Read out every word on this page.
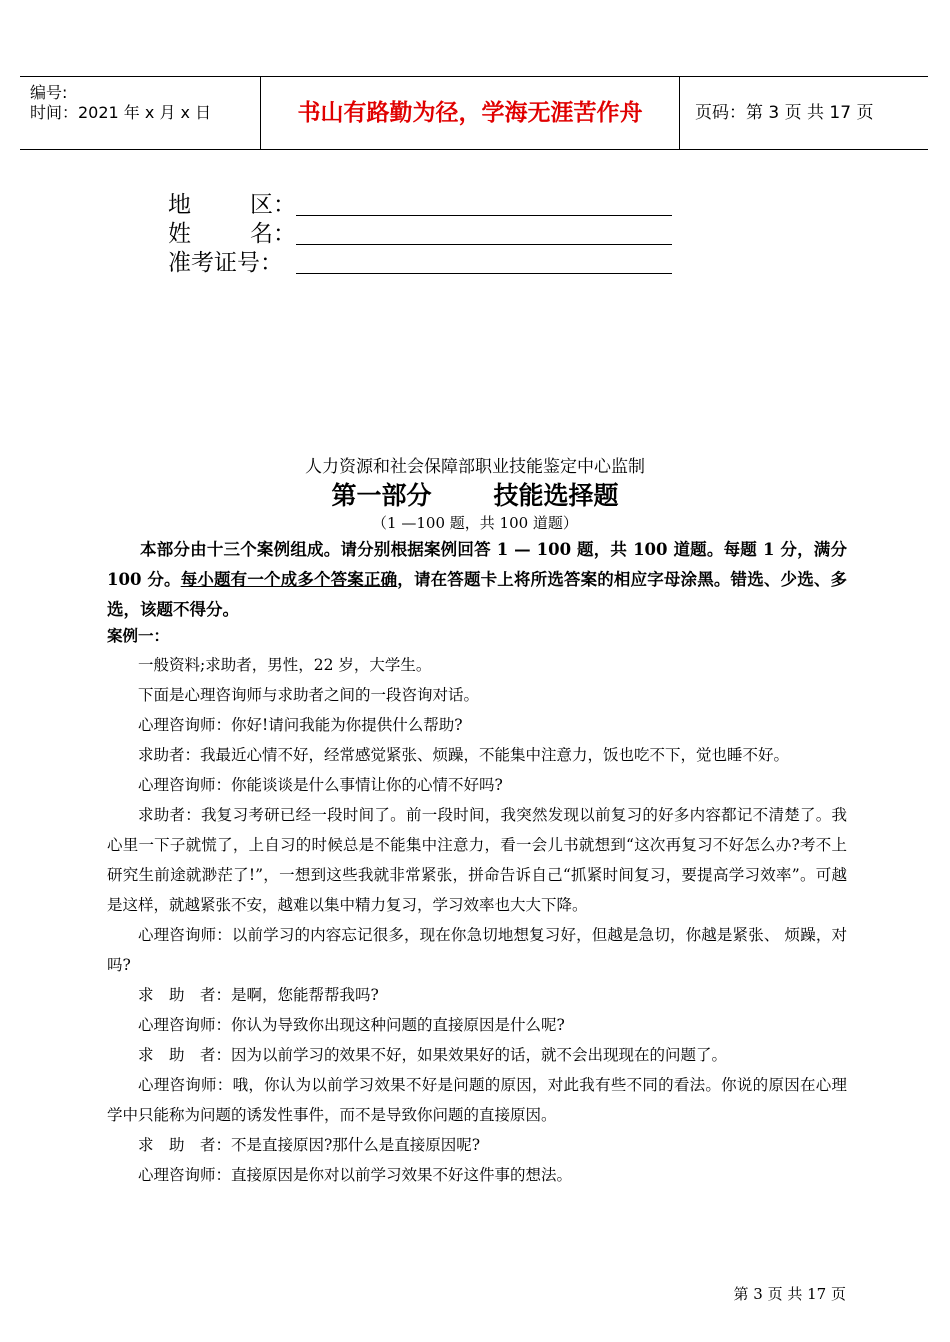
编号:
时间：2021 年 x 月 x 日	书山有路勤为径，学海无涯苦作舟	页码：第 3 页 共 17 页
地	区：
姓	名：
准考证号：
人力资源和社会保障部职业技能鉴定中心监制
第一部分 技能选择题
（1 —100 题，共 100 道题）

本部分由十三个案例组成。请分别根据案例回答 1 — 100 题，共 100 道题。每题 1 分，满分 100 分。每小题有一个成多个答案正确，请在答题卡上将所选答案的相应字母涂黑。错选、少选、多选，该题不得分。

案例一：

一般资料;求助者，男性，22 岁，大学生。

下面是心理咨询师与求助者之间的一段咨询对话。

心理咨询师：你好!请问我能为你提供什么帮助?

求助者：我最近心情不好，经常感觉紧张、烦躁，不能集中注意力，饭也吃不下，觉也睡不好。

心理咨询师：你能谈谈是什么事情让你的心情不好吗?

求助者：我复习考研已经一段时间了。前一段时间，我突然发现以前复习的好多内容都记不清楚了。我心里一下子就慌了，上自习的时候总是不能集中注意力，看一会儿书就想到“这次再复习不好怎么办?考不上研究生前途就渺茫了!”，一想到这些我就非常紧张，拼命告诉自己“抓紧时间复习，要提高学习效率”。可越是这样，就越紧张不安，越难以集中精力复习，学习效率也大大下降。

心理咨询师：以前学习的内容忘记很多，现在你急切地想复习好，但越是急切，你越是紧张、 烦躁，对吗?

求　助　者：是啊，您能帮帮我吗?

心理咨询师：你认为导致你出现这种问题的直接原因是什么呢?

求　助　者：因为以前学习的效果不好，如果效果好的话，就不会出现现在的问题了。

心理咨询师：哦，你认为以前学习效果不好是问题的原因，对此我有些不同的看法。你说的原因在心理学中只能称为问题的诱发性事件，而不是导致你问题的直接原因。

求　助　者：不是直接原因?那什么是直接原因呢?

心理咨询师：直接原因是你对以前学习效果不好这件事的想法。

第 3 页 共 17 页
